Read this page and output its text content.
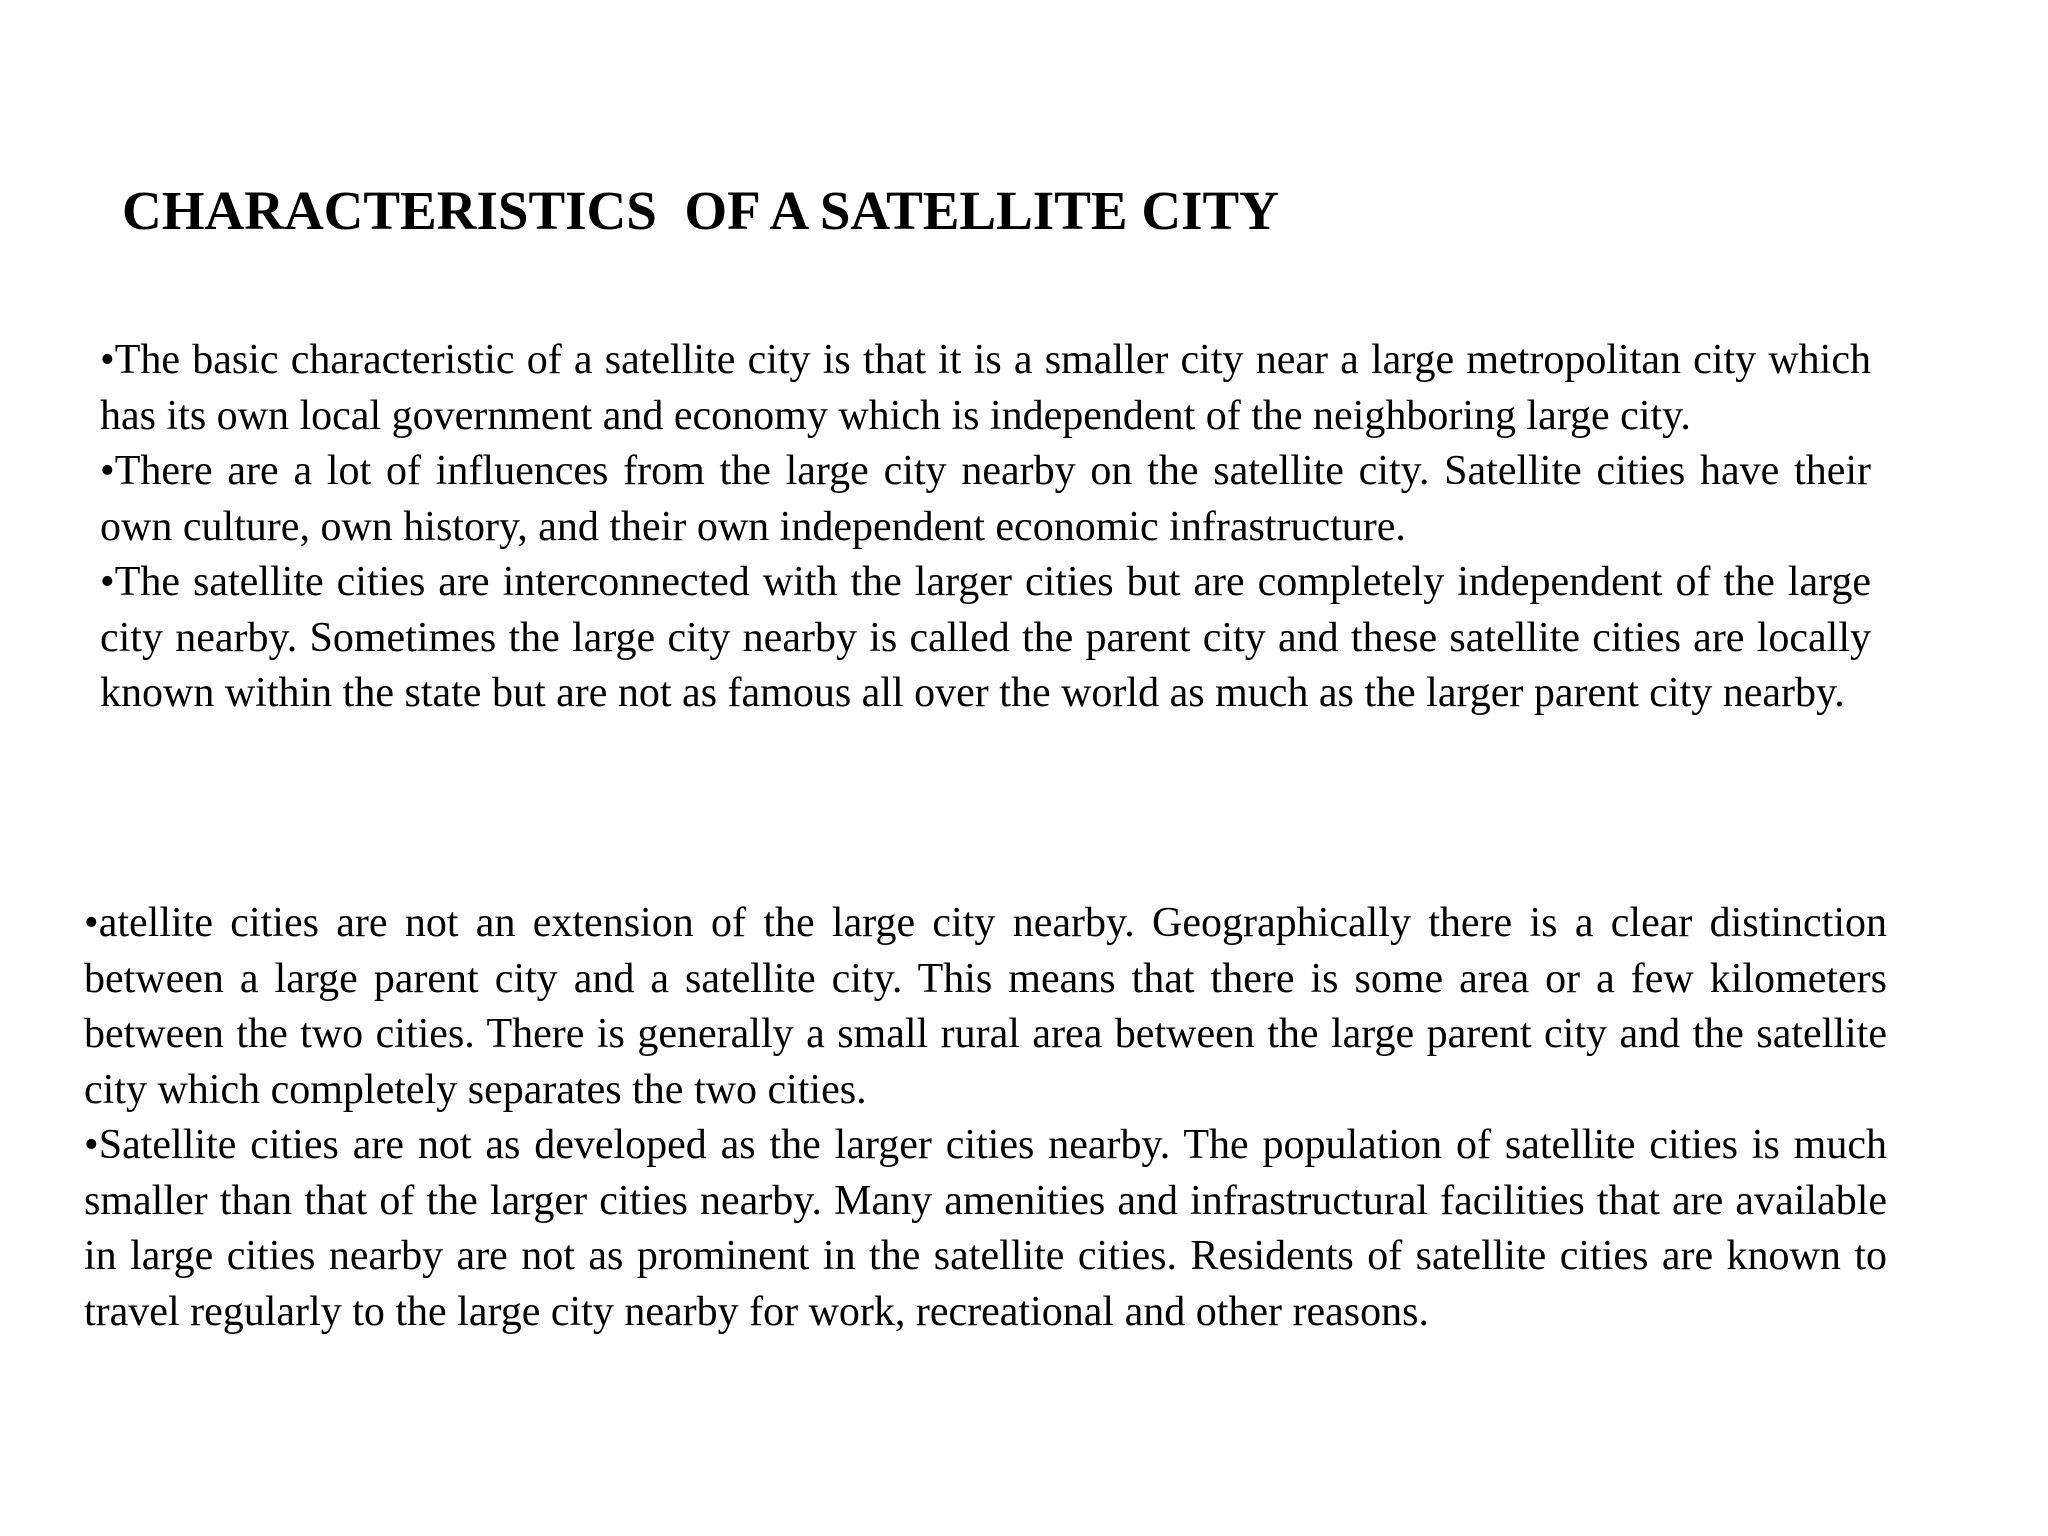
CHARACTERISTICS  OF A SATELLITE CITY
•The basic characteristic of a satellite city is that it is a smaller city near a large metropolitan city which has its own local government and economy which is independent of the neighboring large city.
•There are a lot of influences from the large city nearby on the satellite city. Satellite cities have their own culture, own history, and their own independent economic infrastructure.
•The satellite cities are interconnected with the larger cities but are completely independent of the large city nearby. Sometimes the large city nearby is called the parent city and these satellite cities are locally known within the state but are not as famous all over the world as much as the larger parent city nearby.
•atellite cities are not an extension of the large city nearby. Geographically there is a clear distinction between a large parent city and a satellite city. This means that there is some area or a few kilometers between the two cities. There is generally a small rural area between the large parent city and the satellite city which completely separates the two cities.
•Satellite cities are not as developed as the larger cities nearby. The population of satellite cities is much smaller than that of the larger cities nearby. Many amenities and infrastructural facilities that are available in large cities nearby are not as prominent in the satellite cities. Residents of satellite cities are known to travel regularly to the large city nearby for work, recreational and other reasons.
